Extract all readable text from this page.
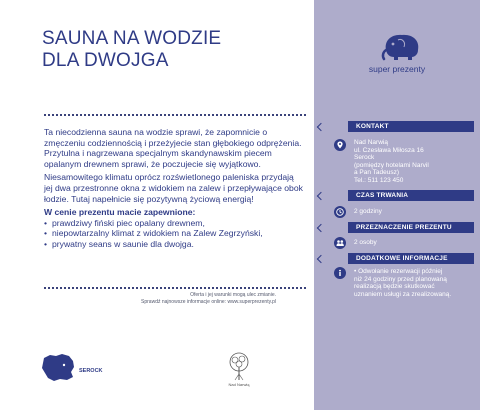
SAUNA NA WODZIE
DLA DWOJGA

Ta niecodzienna sauna na wodzie sprawi, że zapomnicie o zmęczeniu codziennością i przeżyjecie stan głębokiego odprężenia. Przytulna i nagrzewana specjalnym skandynawskim piecem opalanym drewnem sprawi, że poczujecie się wyjątkowo.

Niesamowitego klimatu oprócz rozświetlonego paleniska przydają jej dwa przestronne okna z widokiem na zalew i przepływające obok łodzie. Tutaj napełnicie się pozytywną życiową energią!

W cenie prezentu macie zapewnione:

• prawdziwy fiński piec opalany drewnem,
• niepowtarzalny klimat z widokiem na Zalew Zegrzyński,
• prywatny seans w saunie dla dwojga.
Oferta i jej warunki mogą ulec zmianie.
Sprawdź najnowsze informacje online: www.superprezenty.pl
SEROCK
Nad Narwią
super prezenty
KONTAKT
Nad Narwią
ul. Czesława Miłosza 16
Serock
(pomiędzy hotelami Narvil
a Pan Tadeusz)
Tel.: 511 123 450
CZAS TRWANIA
2 godziny
PRZEZNACZENIE PREZENTU
2 osoby
DODATKOWE INFORMACJE
• Odwołanie rezerwacji później
niż 24 godziny przed planowaną
realizacją będzie skutkować
uznaniem usługi za zrealizowaną.
